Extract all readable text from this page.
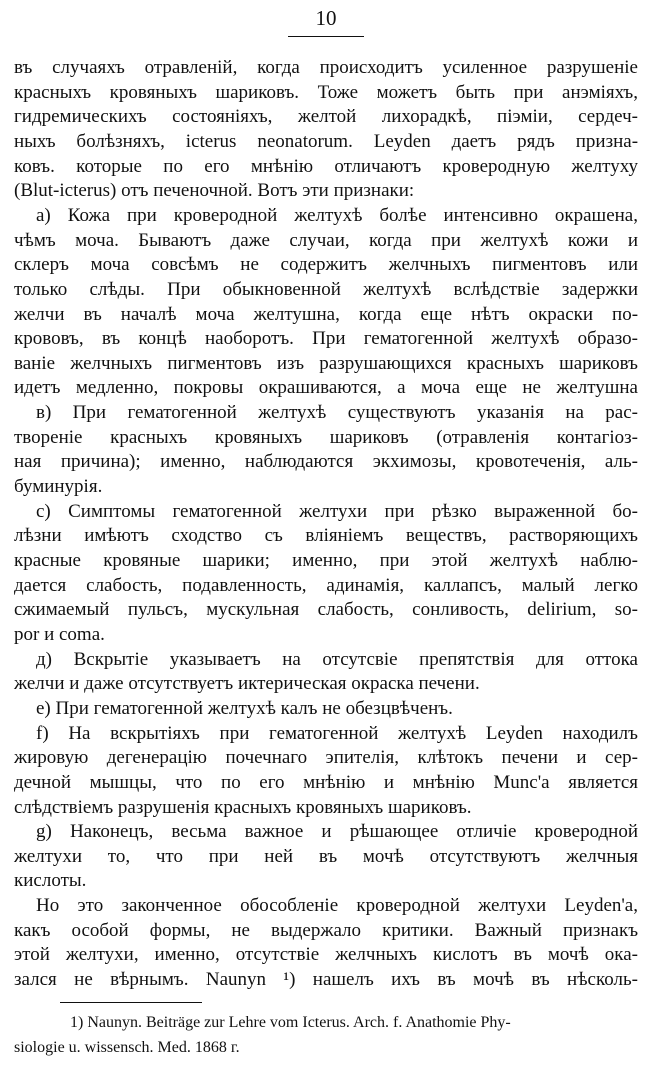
10
въ случаяхъ отравленій, когда происходитъ усиленное разрушеніе
красныхъ кровяныхъ шариковъ. Тоже можетъ быть при анэміяхъ,
гидремическихъ состояніяхъ, желтой лихорадкѣ, піэміи, сердеч-
ныхъ болѣзняхъ, icterus neonatorum. Leyden даетъ рядъ призна-
ковъ. которые по его мнѣнію отличаютъ кроверодную желтуху
(Blut-icterus) отъ печеночной. Вотъ эти признаки:
a) Кожа при кроверодной желтухѣ болѣе интенсивно окрашена,
чѣмъ моча. Бываютъ даже случаи, когда при желтухѣ кожи и
склеръ моча совсѣмъ не содержитъ желчныхъ пигментовъ или
только слѣды. При обыкновенной желтухѣ вслѣдствіе задержки
желчи въ началѣ моча желтушна, когда еще нѣтъ окраски по-
крововъ, въ концѣ наоборотъ. При гематогенной желтухѣ образо-
ваніе желчныхъ пигментовъ изъ разрушающихся красныхъ шариковъ
идетъ медленно, покровы окрашиваются, а моча еще не желтушна
в) При гематогенной желтухѣ существуютъ указанія на рас-
твореніе красныхъ кровяныхъ шариковъ (отравленія контагіоз-
ная причина); именно, наблюдаются экхимозы, кровотеченія, аль-
буминурія.
c) Симптомы гематогенной желтухи при рѣзко выраженной бо-
лѣзни имѣютъ сходство съ вліяніемъ веществъ, растворяющихъ
красные кровяные шарики; именно, при этой желтухѣ наблю-
дается слабость, подавленность, адинамія, каллапсъ, малый легко
сжимаемый пульсъ, мускульная слабость, сонливость, delirium, so-
por и coma.
д) Вскрытіе указываетъ на отсутсвіе препятствія для оттока
желчи и даже отсутствуетъ иктерическая окраска печени.
e) При гематогенной желтухѣ калъ не обезцвѣченъ.
f) На вскрытіяхъ при гематогенной желтухѣ Leyden находилъ
жировую дегенерацію почечнаго эпителія, клѣтокъ печени и сер-
дечной мышцы, что по его мнѣнію и мнѣнію Munc'a является
слѣдствіемъ разрушенія красныхъ кровяныхъ шариковъ.
g) Наконецъ, весьма важное и рѣшающее отличіе кроверодной
желтухи то, что при ней въ мочѣ отсутствуютъ желчныя
кислоты.
Но это законченное обособленіе кроверодной желтухи Leyden'a,
какъ особой формы, не выдержало критики. Важный признакъ
этой желтухи, именно, отсутствіе желчныхъ кислотъ въ мочѣ ока-
зался не вѣрнымъ. Naunyn ¹) нашелъ ихъ въ мочѣ въ нѣсколь-
1) Naunyn. Beiträge zur Lehre vom Icterus. Arch. f. Anathomie Phy-
siologie u. wissensch. Med. 1868 г.
